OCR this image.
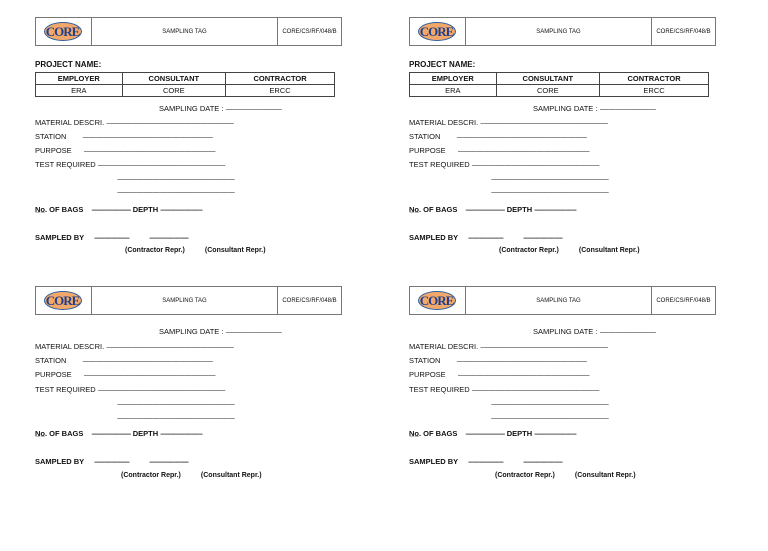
CORE	SAMPLING TAG	CORE/CS/RF/048/B
PROJECT NAME:
EMPLOYER	CONSULTANT	CONTRACTOR
ERA	CORE	ERCC
SAMPLING DATE : ----------------------------------------
MATERIAL DESCRI. -------------------------------------------------------------------------------------------
STATION	---------------------------------------------------------------------------------------------
PURPOSE ----------------------------------------------------------------------------------------------
TEST REQUIRED -------------------------------------------------------------------------------------------
------------------------------------------------------------------------------------
------------------------------------------------------------------------------------
N̲o̲. OF BAGS ---------------------------- DEPTH ------------------------------
SAMPLED BY -------------------------	----------------------------
(Contractor Repr.)	(Consultant Repr.)
CORE	SAMPLING TAG	CORE/CS/RF/048/B
PROJECT NAME:
EMPLOYER	CONSULTANT	CONTRACTOR
ERA	CORE	ERCC
SAMPLING DATE : ----------------------------------------
MATERIAL DESCRI. -------------------------------------------------------------------------------------------
STATION	---------------------------------------------------------------------------------------------
PURPOSE ----------------------------------------------------------------------------------------------
TEST REQUIRED -------------------------------------------------------------------------------------------
------------------------------------------------------------------------------------
------------------------------------------------------------------------------------
N̲o̲. OF BAGS ---------------------------- DEPTH ------------------------------
SAMPLED BY -------------------------	----------------------------
(Contractor Repr.)	(Consultant Repr.)
CORE	SAMPLING TAG	CORE/CS/RF/048/B
SAMPLING DATE : ----------------------------------------
MATERIAL DESCRI. -------------------------------------------------------------------------------------------
STATION	---------------------------------------------------------------------------------------------
PURPOSE ----------------------------------------------------------------------------------------------
TEST REQUIRED -------------------------------------------------------------------------------------------
------------------------------------------------------------------------------------
------------------------------------------------------------------------------------
N̲o̲. OF BAGS ---------------------------- DEPTH ------------------------------
SAMPLED BY -------------------------	----------------------------
(Contractor Repr.)	(Consultant Repr.)
CORE	SAMPLING TAG	CORE/CS/RF/048/B
SAMPLING DATE : ----------------------------------------
MATERIAL DESCRI. -------------------------------------------------------------------------------------------
STATION	---------------------------------------------------------------------------------------------
PURPOSE ----------------------------------------------------------------------------------------------
TEST REQUIRED -------------------------------------------------------------------------------------------
------------------------------------------------------------------------------------
------------------------------------------------------------------------------------
N̲o̲. OF BAGS ---------------------------- DEPTH ------------------------------
SAMPLED BY -------------------------	----------------------------
(Contractor Repr.)	(Consultant Repr.)
